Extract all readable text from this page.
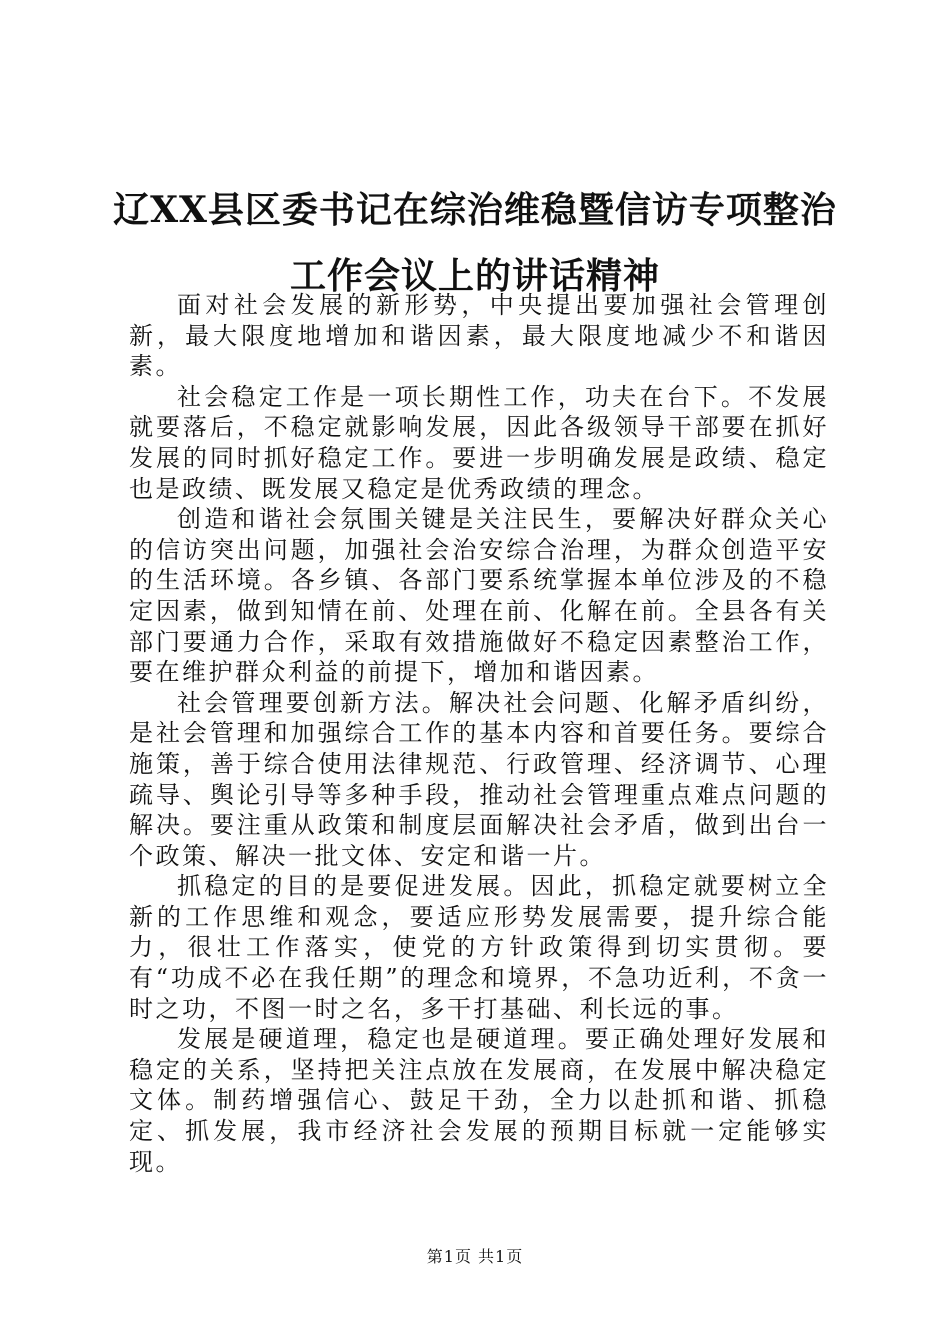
辽XX县区委书记在综治维稳暨信访专项整治
工作会议上的讲话精神

面对社会发展的新形势，中央提出要加强社会管理创新，最大限度地增加和谐因素，最大限度地减少不和谐因素。

社会稳定工作是一项长期性工作，功夫在台下。不发展就要落后，不稳定就影响发展，因此各级领导干部要在抓好发展的同时抓好稳定工作。要进一步明确发展是政绩、稳定也是政绩、既发展又稳定是优秀政绩的理念。

创造和谐社会氛围关键是关注民生，要解决好群众关心的信访突出问题，加强社会治安综合治理，为群众创造平安的生活环境。各乡镇、各部门要系统掌握本单位涉及的不稳定因素，做到知情在前、处理在前、化解在前。全县各有关部门要通力合作，采取有效措施做好不稳定因素整治工作，要在维护群众利益的前提下，增加和谐因素。

社会管理要创新方法。解决社会问题、化解矛盾纠纷，是社会管理和加强综合工作的基本内容和首要任务。要综合施策，善于综合使用法律规范、行政管理、经济调节、心理疏导、舆论引导等多种手段，推动社会管理重点难点问题的解决。要注重从政策和制度层面解决社会矛盾，做到出台一个政策、解决一批文体、安定和谐一片。

抓稳定的目的是要促进发展。因此，抓稳定就要树立全新的工作思维和观念，要适应形势发展需要，提升综合能力，很壮工作落实，使党的方针政策得到切实贯彻。要有“功成不必在我任期”的理念和境界，不急功近利，不贪一时之功，不图一时之名，多干打基础、利长远的事。

发展是硬道理，稳定也是硬道理。要正确处理好发展和稳定的关系，坚持把关注点放在发展商，在发展中解决稳定文体。制药增强信心、鼓足干劲，全力以赴抓和谐、抓稳定、抓发展，我市经济社会发展的预期目标就一定能够实现。

第1页 共1页
